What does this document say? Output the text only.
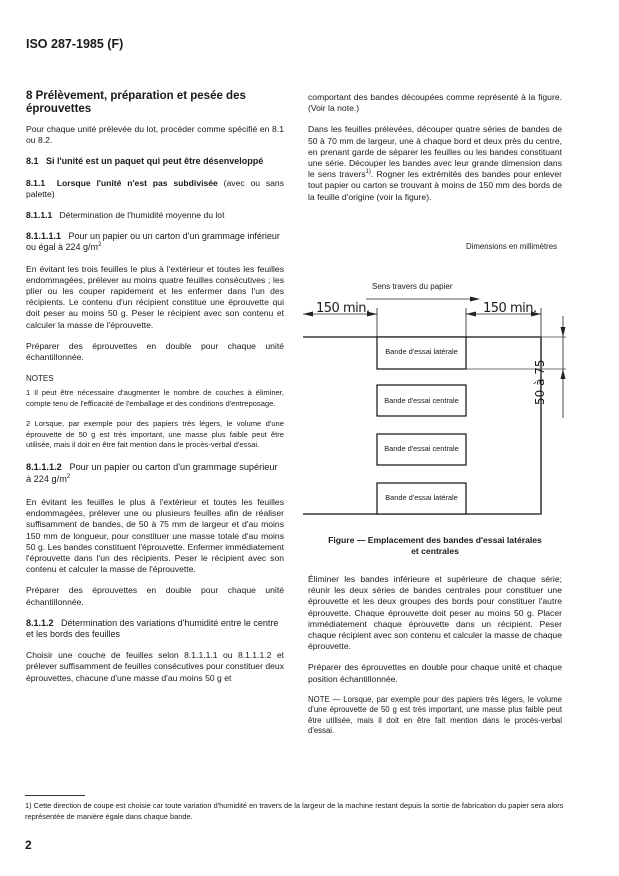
ISO 287-1985 (F)
8 Prélèvement, préparation et pesée des éprouvettes

Pour chaque unité prélevée du lot, procéder comme spécifié en 8.1 ou 8.2.

8.1 Si l'unité est un paquet qui peut être désenveloppé

8.1.1 Lorsque l'unité n'est pas subdivisée (avec ou sans palette)

8.1.1.1 Détermination de l'humidité moyenne du lot

8.1.1.1.1 Pour un papier ou un carton d'un grammage inférieur ou égal à 224 $g/m^2$

En évitant les trois feuilles le plus à l'extérieur et toutes les feuilles endommagées, prélever au moins quatre feuilles consécutives ; les plier ou les couper rapidement et les enfermer dans l'un des récipients. Le contenu d'un récipient constitue une éprouvette qui doit peser au moins 50 g. Peser le récipient avec son contenu et calculer la masse de l'éprouvette.

Préparer des éprouvettes en double pour chaque unité échantillonnée.

NOTES

1 Il peut être nécessaire d'augmenter le nombre de couches à éliminer, compte tenu de l'efficacité de l'emballage et des conditions d'entreposage.

2 Lorsque, par exemple pour des papiers très légers, le volume d'une éprouvette de 50 g est très important, une masse plus faible peut être utilisée, mais il doit en être fait mention dans le procès-verbal d'essai.

8.1.1.1.2 Pour un papier ou carton d'un grammage supérieur à 224 $g/m^2$

En évitant les feuilles le plus à l'extérieur et toutes les feuilles endommagées, prélever une ou plusieurs feuilles afin de réaliser suffisamment de bandes, de 50 à 75 mm de largeur et d'au moins 150 mm de longueur, pour constituer une masse totale d'au moins 50 g. Les bandes constituent l'éprouvette. Enfermer immédiatement l'éprouvette dans l'un des récipients. Peser le récipient avec son contenu et calculer la masse de l'éprouvette.

Préparer des éprouvettes en double pour chaque unité échantillonnée.

8.1.1.2 Détermination des variations d'humidité entre le centre et les bords des feuilles

Choisir une couche de feuilles selon 8.1.1.1.1 ou 8.1.1.1.2 et prélever suffisamment de feuilles consécutives pour constituer deux éprouvettes, chacune d'une masse d'au moins 50 g et

comportant des bandes découpées comme représenté à la figure. (Voir la note.)

Dans les feuilles prélevées, découper quatre séries de bandes de 50 à 70 mm de largeur, une à chaque bord et deux près du centre, en prenant garde de séparer les feuilles ou les bandes constituant une série. Découper les bandes avec leur grande dimension dans le sens travers$^{1)}$. Rogner les extrémités des bandes pour enlever tout papier ou carton se trouvant à moins de 150 mm des bords de la feuille d'origine (voir la figure).

Dimensions en millimètres
Sens travers du papier
150 min.	150 min.
50 à 75
Bande d'essai latérale
Bande d'essai centrale
Bande d'essai centrale
Bande d'essai latérale
Figure — Emplacement des bandes d'essai latérales
et centrales

Éliminer les bandes inférieure et supérieure de chaque série; réunir les deux séries de bandes centrales pour constituer une éprouvette et les deux groupes des bords pour constituer l'autre éprouvette. Chaque éprouvette doit peser au moins 50 g. Placer immédiatement chaque éprouvette dans un récipient. Peser chaque récipient avec son contenu et calculer la masse de chaque éprouvette.

Préparer des éprouvettes en double pour chaque unité et chaque position échantillonnée.

NOTE — Lorsque, par exemple pour des papiers très légers, le volume d'une éprouvette de 50 g est très important, une masse plus faible peut être utilisée, mais il doit en être fait mention dans le procès-verbal d'essai.

1) Cette direction de coupe est choisie car toute variation d'humidité en travers de la largeur de la machine restant depuis la sortie de fabrication du papier sera alors représentée de manière égale dans chaque bande.
2
